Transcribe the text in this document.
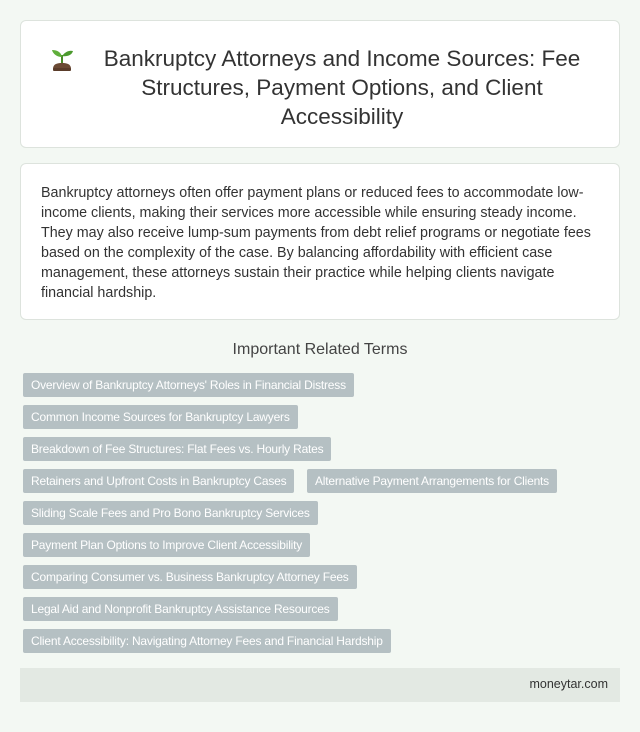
Bankruptcy Attorneys and Income Sources: Fee Structures, Payment Options, and Client Accessibility

Bankruptcy attorneys often offer payment plans or reduced fees to accommodate low-income clients, making their services more accessible while ensuring steady income. They may also receive lump-sum payments from debt relief programs or negotiate fees based on the complexity of the case. By balancing affordability with efficient case management, these attorneys sustain their practice while helping clients navigate financial hardship.

Important Related Terms
Overview of Bankruptcy Attorneys' Roles in Financial Distress
Common Income Sources for Bankruptcy Lawyers
Breakdown of Fee Structures: Flat Fees vs. Hourly Rates
Retainers and Upfront Costs in Bankruptcy Cases	Alternative Payment Arrangements for Clients
Sliding Scale Fees and Pro Bono Bankruptcy Services
Payment Plan Options to Improve Client Accessibility
Comparing Consumer vs. Business Bankruptcy Attorney Fees
Legal Aid and Nonprofit Bankruptcy Assistance Resources
Client Accessibility: Navigating Attorney Fees and Financial Hardship
moneytar.com
